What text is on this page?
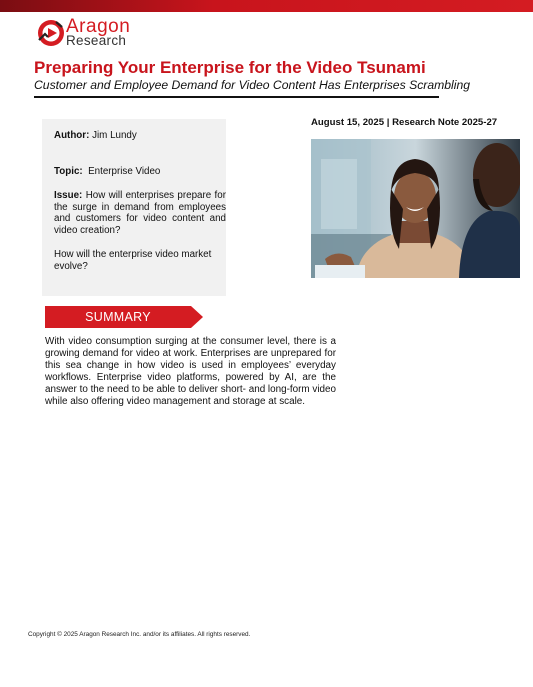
Aragon
Research
Preparing Your Enterprise for the Video Tsunami
Customer and Employee Demand for Video Content Has Enterprises Scrambling
Author: Jim Lundy
Topic: Enterprise Video
Issue: How will enterprises prepare for the surge in demand from employees and customers for video content and video creation?
How will the enterprise video market evolve?
August 15, 2025 | Research Note 2025-27
SUMMARY
With video consumption surging at the consumer level, there is a growing demand for video at work. Enterprises are unprepared for this sea change in how video is used in employees’ everyday workflows. Enterprise video platforms, powered by AI, are the answer to the need to be able to deliver short- and long-form video while also offering video management and storage at scale.
Copyright © 2025 Aragon Research Inc. and/or its affiliates. All rights reserved.
